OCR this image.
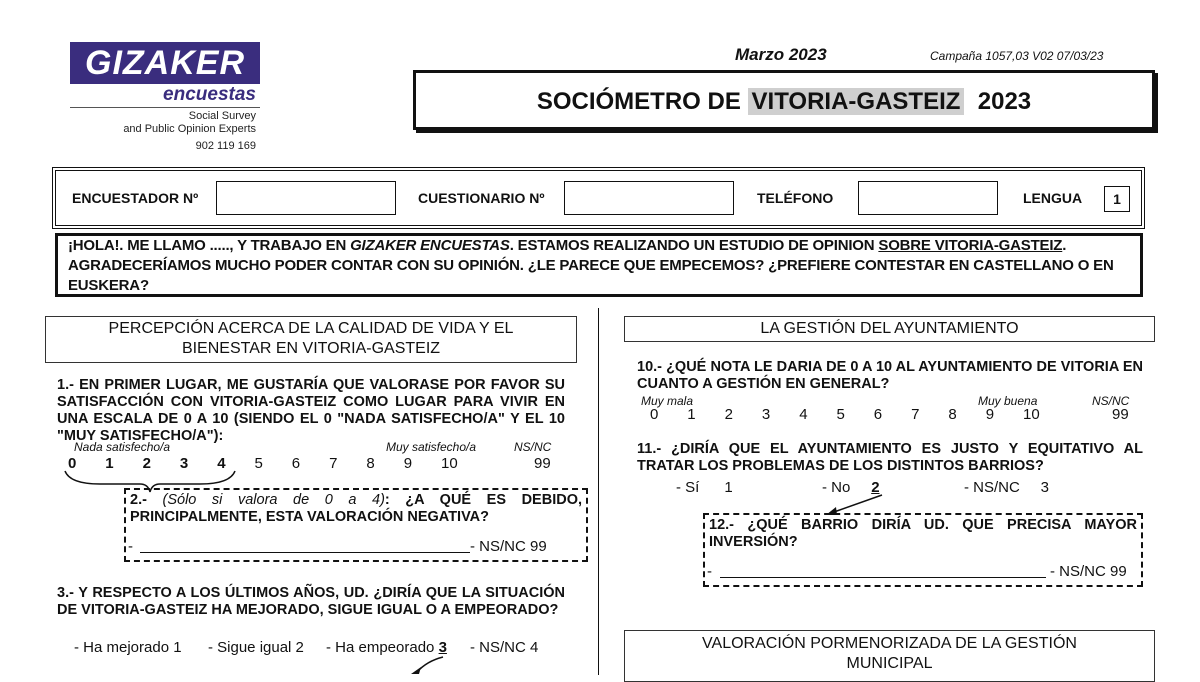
GIZAKER
encuestas
Social Survey
and Public Opinion Experts
902 119 169
Marzo 2023	Campaña 1057,03 V02 07/03/23
SOCIÓMETRO DE VITORIA-GASTEIZ 2023
ENCUESTADOR Nº	CUESTIONARIO Nº	TELÉFONO	LENGUA	1
¡HOLA!. ME LLAMO ....., Y TRABAJO EN GIZAKER ENCUESTAS. ESTAMOS REALIZANDO UN ESTUDIO DE OPINION SOBRE VITORIA-GASTEIZ. AGRADECERÍAMOS MUCHO PODER CONTAR CON SU OPINIÓN. ¿LE PARECE QUE EMPECEMOS? ¿PREFIERE CONTESTAR EN CASTELLANO O EN EUSKERA?
PERCEPCIÓN ACERCA DE LA CALIDAD DE VIDA Y EL
BIENESTAR EN VITORIA-GASTEIZ
1.- EN PRIMER LUGAR, ME GUSTARÍA QUE VALORASE POR FAVOR SU SATISFACCIÓN CON VITORIA-GASTEIZ COMO LUGAR PARA VIVIR EN UNA ESCALA DE 0 A 10 (SIENDO EL 0 "NADA SATISFECHO/A" Y EL 10 "MUY SATISFECHO/A"):
Nada satisfecho/a	Muy satisfecho/a	NS/NC
0 1 2 3 4 5 6 7 8 9 10	99
2.- (Sólo si valora de 0 a 4): ¿A QUÉ ES DEBIDO, PRINCIPALMENTE, ESTA VALORACIÓN NEGATIVA?
-	- NS/NC 99
3.- Y RESPECTO A LOS ÚLTIMOS AÑOS, UD. ¿DIRÍA QUE LA SITUACIÓN DE VITORIA-GASTEIZ HA MEJORADO, SIGUE IGUAL O A EMPEORADO?
- Ha mejorado 1 - Sigue igual 2 - Ha empeorado 3 - NS/NC 4
LA GESTIÓN DEL AYUNTAMIENTO
10.- ¿QUÉ NOTA LE DARIA DE 0 A 10 AL AYUNTAMIENTO DE VITORIA EN CUANTO A GESTIÓN EN GENERAL?
Muy mala	Muy buena	NS/NC
0 1 2 3 4 5 6 7 8 9 10	99
11.- ¿DIRÍA QUE EL AYUNTAMIENTO ES JUSTO Y EQUITATIVO AL TRATAR LOS PROBLEMAS DE LOS DISTINTOS BARRIOS?
- Sí      1	- No 2	- NS/NC     3
12.- ¿QUÉ BARRIO DIRÍA UD. QUE PRECISA MAYOR INVERSIÓN?
-	- NS/NC 99
VALORACIÓN PORMENORIZADA DE LA GESTIÓN
MUNICIPAL
